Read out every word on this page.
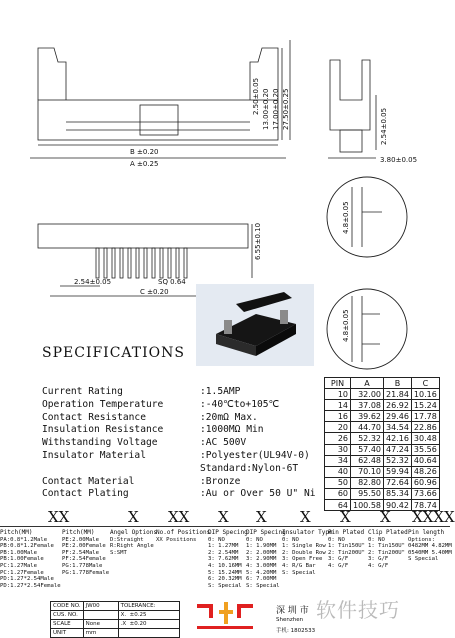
B ±0.20
A ±0.25
2.50±0.05 13.00±0.20 17.00±0.20 27.50±0.25	2.54±0.05
3.80±0.05
6.55±0.10
2.54±0.05	SQ 0.64
C ±0.20
4.8±0.05
4.8±0.05
SPECIFICATIONS
Current Rating	:1.5AMP
Operation Temperature	:-40℃to+105℃
Contact Resistance	:20mΩ Max.
Insulation Resistance	:1000MΩ Min
Withstanding Voltage	:AC 500V
Insulator Material	:Polyester(UL94V-0)
Standard:Nylon-6T
Contact Material	:Bronze
Contact Plating	:Au or Over 50 U" Ni
PIN	A	B	C
10	32.00	21.84	10.16
14	37.08	26.92	15.24
16	39.62	29.46	17.78
20	44.70	34.54	22.86
26	52.32	42.16	30.48
30	57.40	47.24	35.56
34	62.48	52.32	40.64
40	70.10	59.94	48.26
50	82.80	72.64	60.96
60	95.50	85.34	73.66
64	100.58	90.42	78.74
XX	X XX X X X X X XXXX
Pitch(MM)
PA:0.8*1.2Male
PB:0.8*1.2Female
PB:1.00Male
PB:1.00Female
PC:1.27Male
PC:1.27Female
PD:1.27*2.54Male
PD:1.27*2.54Female
Pitch(MM)
PE:2.00Male
PE:2.00Female
PF:2.54Male
PF:2.54Female
PG:1.778Male
PG:1.778Female
Angel Options
D:Straight
R:Right Angle
S:SMT
No.of Positions
XX Positions
DIP Specing
0: NO
1: 1.27MM
2: 2.54MM
3: 7.62MM
4: 10.16MM
5: 15.24MM
6: 20.32MM
S: Special
DIP Specing
0: NO
1: 1.90MM
2: 2.00MM
3: 2.90MM
4: 3.00MM
5: 4.20MM
6: 7.00MM
S: Special
Insulator Type
0: NO
1: Single Row
2: Double Row
3: Open Free
4: R/G Bar
S: Special
Pin Plated
0: NO
1: Tin150U"
2: Tin200U"
3: G/F
4: G/F
Clip Plated
0: NO
1: Tin150U"
2: Tin200U"
3: G/F
4: G/F
Pin length
Options:
0482MM 4.82MM
0540MM 5.40MM
S Special
CODE NO.	JW00	TOLERANCE:
CUS. NO.		X. ±0.25
SCALE	None	.X ±0.20
UNIT	mm	
深 圳 市
Shenzhen
手机: 1802533
软件技巧
